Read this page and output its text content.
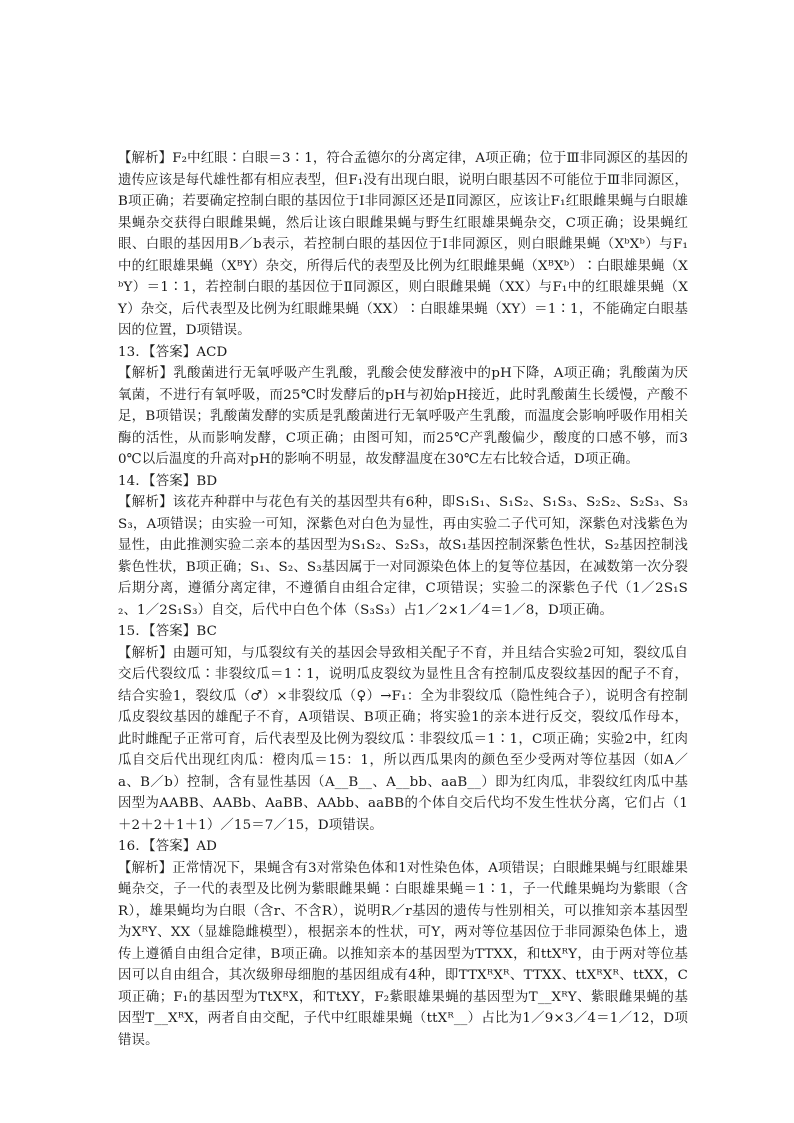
【解析】F₂中红眼∶白眼＝3∶1，符合孟德尔的分离定律，A项正确；位于Ⅲ非同源区的基因的遗传应该是每代雄性都有相应表型，但F₁没有出现白眼，说明白眼基因不可能位于Ⅲ非同源区，B项正确；若要确定控制白眼的基因位于Ⅰ非同源区还是Ⅱ同源区，应该让F₁红眼雌果蝇与白眼雄果蝇杂交获得白眼雌果蝇，然后让该白眼雌果蝇与野生红眼雄果蝇杂交，C项正确；设果蝇红眼、白眼的基因用B／b表示，若控制白眼的基因位于Ⅰ非同源区，则白眼雌果蝇（XᵇXᵇ）与F₁中的红眼雄果蝇（XᴮY）杂交，所得后代的表型及比例为红眼雌果蝇（XᴮXᵇ）∶白眼雄果蝇（XᵇY）＝1∶1，若控制白眼的基因位于Ⅱ同源区，则白眼雌果蝇（XX）与F₁中的红眼雄果蝇（XY）杂交，后代表型及比例为红眼雌果蝇（XX）∶白眼雄果蝇（XY）＝1∶1，不能确定白眼基因的位置，D项错误。

13．【答案】ACD

【解析】乳酸菌进行无氧呼吸产生乳酸，乳酸会使发酵液中的pH下降，A项正确；乳酸菌为厌氧菌，不进行有氧呼吸，而25℃时发酵后的pH与初始pH接近，此时乳酸菌生长缓慢，产酸不足，B项错误；乳酸菌发酵的实质是乳酸菌进行无氧呼吸产生乳酸，而温度会影响呼吸作用相关酶的活性，从而影响发酵，C项正确；由图可知，而25℃产乳酸偏少，酸度的口感不够，而30℃以后温度的升高对pH的影响不明显，故发酵温度在30℃左右比较合适，D项正确。

14．【答案】BD

【解析】该花卉种群中与花色有关的基因型共有6种，即S₁S₁、S₁S₂、S₁S₃、S₂S₂、S₂S₃、S₃S₃，A项错误；由实验一可知，深紫色对白色为显性，再由实验二子代可知，深紫色对浅紫色为显性，由此推测实验二亲本的基因型为S₁S₂、S₂S₃，故S₁基因控制深紫色性状，S₂基因控制浅紫色性状，B项正确；S₁、S₂、S₃基因属于一对同源染色体上的复等位基因，在减数第一次分裂后期分离，遵循分离定律，不遵循自由组合定律，C项错误；实验二的深紫色子代（1／2S₁S₂、1／2S₁S₃）自交，后代中白色个体（S₃S₃）占1／2×1／4＝1／8，D项正确。

15．【答案】BC

【解析】由题可知，与瓜裂纹有关的基因会导致相关配子不育，并且结合实验2可知，裂纹瓜自交后代裂纹瓜∶非裂纹瓜＝1∶1，说明瓜皮裂纹为显性且含有控制瓜皮裂纹基因的配子不育，结合实验1，裂纹瓜（♂）×非裂纹瓜（♀）→F₁：全为非裂纹瓜（隐性纯合子），说明含有控制瓜皮裂纹基因的雄配子不育，A项错误、B项正确；将实验1的亲本进行反交，裂纹瓜作母本，此时雌配子正常可育，后代表型及比例为裂纹瓜∶非裂纹瓜＝1∶1，C项正确；实验2中，红肉瓜自交后代出现红肉瓜：橙肉瓜＝15：1，所以西瓜果肉的颜色至少受两对等位基因（如A／a、B／b）控制，含有显性基因（A__B__、A__bb、aaB__）即为红肉瓜，非裂纹红肉瓜中基因型为AABB、AABb、AaBB、AAbb、aaBB的个体自交后代均不发生性状分离，它们占（1＋2＋2＋1＋1）／15＝7／15，D项错误。

16．【答案】AD

【解析】正常情况下，果蝇含有3对常染色体和1对性染色体，A项错误；白眼雌果蝇与红眼雄果蝇杂交，子一代的表型及比例为紫眼雌果蝇∶白眼雄果蝇＝1∶1，子一代雌果蝇均为紫眼（含R），雄果蝇均为白眼（含r、不含R），说明R／r基因的遗传与性别相关，可以推知亲本基因型为XᴿY、XX（显雄隐雌模型），根据亲本的性状，可Y，两对等位基因位于非同源染色体上，遗传上遵循自由组合定律，B项正确。以推知亲本的基因型为TTXX，和ttXᴿY，由于两对等位基因可以自由组合，其次级卵母细胞的基因组成有4种，即TTXᴿXᴿ、TTXX、ttXᴿXᴿ、ttXX，C项正确；F₁的基因型为TtXᴿX，和TtXY，F₂紫眼雄果蝇的基因型为T__XᴿY、紫眼雌果蝇的基因型T__XᴿX，两者自由交配，子代中红眼雄果蝇（ttXᴿ__）占比为1／9×3／4＝1／12，D项错误。
